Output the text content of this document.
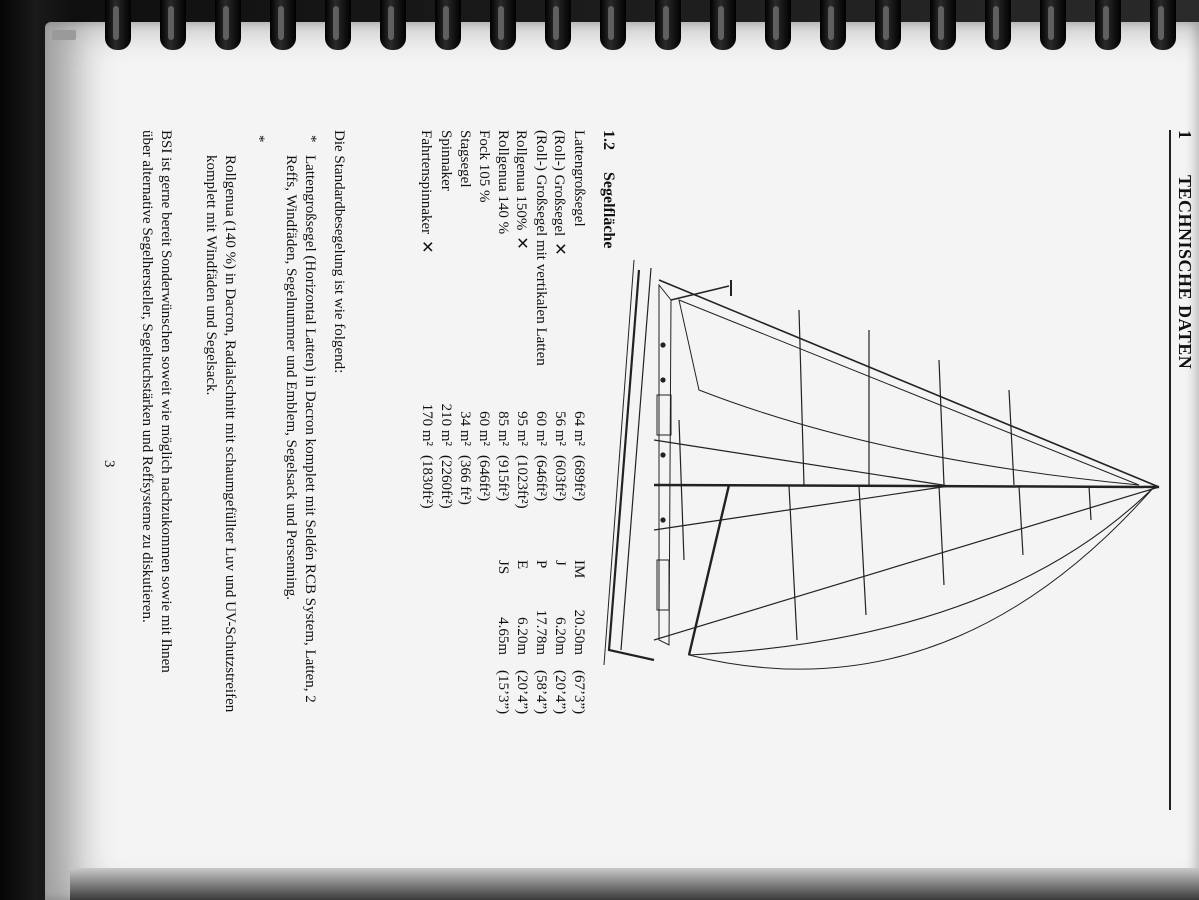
1
TECHNISCHE DATEN
1.2
Segelfläche
Lattengroßsegel
64 m²
(689ft²)
IM
20.50m
(67’3”)
(Roll-) Großsegel✕
56 m²
(603ft²)
J
6.20m
(20’4”)
(Roll-) Großsegel mit vertikalen Latten
60 m²
(646ft²)
P
17.78m
(58’4”)
Rollgenua 150%✕
95 m²
(1023ft²)
E
6.20m
(20’4”)
Rollgenua 140 %
85 m²
(915ft²)
JS
4.65m
(15’3”)
Fock 105 %
60 m²
(646ft²)
Stagsegel
34 m²
(366 ft²)
Spinnaker
210 m²
(2260ft²)
Fahrtenspinnaker✕
170 m²
(1830ft²)
Die Standardbesegelung ist wie folgend:
*
Lattengroßsegel (Horizontal Latten) in Dacron komplett mit Seldén RCB System, Latten, 2
Reffs, Windfäden, Segelnummer und Emblem, Segelsack und Persenning.
*
Rollgenua (140 %) in Dacron, Radialschnitt mit schaumgefüllter Luv und UV-Schutzstreifen
komplett mit Windfäden und Segelsack.
BSI ist gerne bereit Sonderwünschen soweit wie möglich nachzukommen sowie mit Ihnen
über alternative Segelhersteller, Segeltuchstärken und Reffsysteme zu diskutieren.
3
